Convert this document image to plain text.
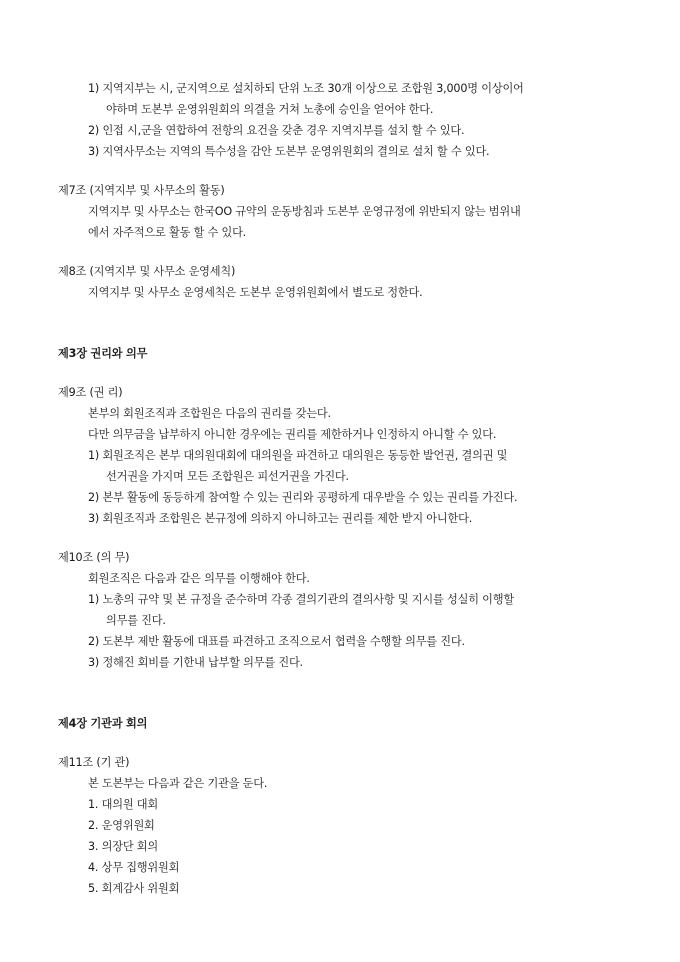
1) 지역지부는 시, 군지역으로 설치하되 단위 노조 30개 이상으로 조합원 3,000명 이상이어
야하며 도본부 운영위원회의 의결을 거쳐 노총에 승인을 얻어야 한다.
2) 인접 시,군을 연합하여 전항의 요건을 갖춘 경우 지역지부를 설치 할 수 있다.
3) 지역사무소는 지역의 특수성을 감안 도본부 운영위원회의 결의로 설치 할 수 있다.
제7조 (지역지부 및 사무소의 활동)
지역지부 및 사무소는 한국OO 규약의 운동방침과 도본부 운영규정에 위반되지 않는 범위내
에서 자주적으로 활동 할 수 있다.
제8조 (지역지부 및 사무소 운영세칙)
지역지부 및 사무소 운영세칙은 도본부 운영위원회에서 별도로 정한다.
제3장 권리와 의무
제9조 (권 리)
본부의 회원조직과 조합원은 다음의 권리를 갖는다.
다만 의무금을 납부하지 아니한 경우에는 권리를 제한하거나 인정하지 아니할 수 있다.
1) 회원조직은 본부 대의원대회에 대의원을 파견하고 대의원은 동등한 발언권, 결의권 및
선거권을 가지며 모든 조합원은 피선거권을 가진다.
2) 본부 활동에 동등하게 참여할 수 있는 권리와 공평하게 대우받을 수 있는 권리를 가진다.
3) 회원조직과 조합원은 본규정에 의하지 아니하고는 권리를 제한 받지 아니한다.
제10조 (의 무)
회원조직은 다음과 같은 의무를 이행해야 한다.
1) 노총의 규약 및 본 규정을 준수하며 각종 결의기관의 결의사항 및 지시를 성실히 이행할
의무를 진다.
2) 도본부 제반 활동에 대표를 파견하고 조직으로서 협력을 수행할 의무를 진다.
3) 정해진 회비를 기한내 납부할 의무를 진다.
제4장 기관과 회의
제11조 (기 관)
본 도본부는 다음과 같은 기관을 둔다.
1. 대의원 대회
2. 운영위원회
3. 의장단 회의
4. 상무 집행위원회
5. 회계감사 위원회
